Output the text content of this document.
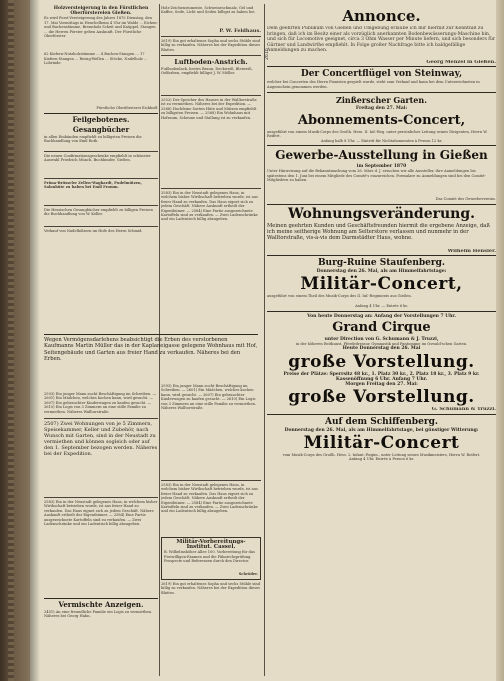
2616
Holzversteigerung in den Fürstlichen Oberförstereien Gießen.
Es wird Forst-Versteigerung des Jahres 1870 Dienstag, den 17. Mai Vormittags in Heuchelheim 4 Uhr im Walde ... Eichen- und Buchenstämme, Brennholz Scheit und Knüppel, Stangen ... die Herren Förster geben Auskunft. Der Fürstliche Oberförster.
62 Kiefern-Nutzholzstämme ... 4 Buchen-Stangen ... 17 Kiefern-Stangen ... Reisig-Wellen ... Stöcke, Nadelholz ... Lohrinde.
Fürstliche Oberförsterei Eickhoff.
Feilgebotenes.
Gesangbücher
in allen Einbänden empfiehlt zu billigsten Preisen die Buchhandlung von Emil Roth.
Die neuen Confirmationsgeschenke empfiehlt in schönster Auswahl Friedrich Münch, Buchbinder, Gießen.
Prima-Brüsseler Zellen-Waghardt, Pudelmützen, Salonhüte zu haben bei Emil Fromm.
Die Hessischen Gesangbücher empfiehlt zu billigen Preisen die Buchhandlung von W. Keller.
Verkauf von Nadelhölzern im Hofe des Herrn Schmid.
Wegen Vermögensdarlehens beabsichtigt die Erben des verstorbenen Kaufmanns Martin Müller das in der Kaplaneigasse gelegene Wohnhaus mit Hof, Seitengebäude und Garten aus freier Hand zu verkaufen. Näheres bei den Erben.
2593) Ein junger Mann sucht Beschäftigung im Schreiben. — 2601) Ein Mädchen, welches kochen kann, wird gesucht. — 2607) Ein gebrauchter Kinderwagen zu kaufen gesucht. — 2610) Ein Logis von 3 Zimmern an eine stille Familie zu vermiethen. Näheres Walltorstraße.
2507) Zwei Wohnungen von je 5 Zimmern, Speisekammer, Keller und Zubehör, nach Wunsch mit Garten, sind in der Neustadt zu vermiethen und können sogleich oder auf den 1. September bezogen werden. Näheres bei der Expedition.
2583) Ein in der Neustadt gelegenes Haus, in welchem bisher Wirthschaft betrieben wurde, ist aus freier Hand zu verkaufen. Das Haus eignet sich zu jedem Geschäft. Nähere Auskunft ertheilt der Eigenthümer. — 2584) Eine Partie ausgezeichnete Kartoffeln sind zu verkaufen. — Zwei Ladenschränke und ein Ladentisch billig abzugeben.
Vermischte Anzeigen.
2451) An eine freundliche Familie ein Logis zu vermiethen. Näheres bei Georg Hahn.
Holz-Zeichenstumente, Schweineschmalz, Gel und Kaffee, Seife, Licht und Seifen billigst zu haben bei
P. W. Feldhaus.
2619) Ein gut erhaltenes Sopha und sechs Stühle sind billig zu verkaufen. Näheres bei der Expedition dieses Blattes.
Luftboden-Anstrich.
Fußbodenlack, bestes Braun, Deckweiß, Bleiweiß, Oelfarben, empfiehlt billigst J. W. Möller.
2552) Der Speicher des Hauses in der Walltorstraße ist zu vermiethen. Näheres bei der Expedition. — 2566) Hochfeine Sorten Hüte und Mützen empfiehlt zu billigsten Preisen. — 2568) Ein Wohnhaus mit Hofraum, Scheune und Stallung ist zu verkaufen.
2583) Ein in der Neustadt gelegenes Haus, in welchem bisher Wirthschaft betrieben wurde, ist aus freier Hand zu verkaufen. Das Haus eignet sich zu jedem Geschäft. Nähere Auskunft ertheilt der Eigenthümer. — 2584) Eine Partie ausgezeichnete Kartoffeln sind zu verkaufen. — Zwei Ladenschränke und ein Ladentisch billig abzugeben.
2593) Ein junger Mann sucht Beschäftigung im Schreiben. — 2601) Ein Mädchen, welches kochen kann, wird gesucht. — 2607) Ein gebrauchter Kinderwagen zu kaufen gesucht. — 2610) Ein Logis von 3 Zimmern an eine stille Familie zu vermiethen. Näheres Walltorstraße.
2583) Ein in der Neustadt gelegenes Haus, in welchem bisher Wirthschaft betrieben wurde, ist aus freier Hand zu verkaufen. Das Haus eignet sich zu jedem Geschäft. Nähere Auskunft ertheilt der Eigenthümer. — 2584) Eine Partie ausgezeichnete Kartoffeln sind zu verkaufen. — Zwei Ladenschränke und ein Ladentisch billig abzugeben.
Militär-Vorbereitungs-Institut. Cassel.
B. Wilhelmshöher Allee 100. Vorbereitung für das Freiwilligen-Examen und die Fähnrichsprüfung. Prospecte und Referenzen durch den Director.
Schröder.
2619) Ein gut erhaltenes Sopha und sechs Stühle sind billig zu verkaufen. Näheres bei der Expedition dieses Blattes.
Annonce.
Dem geehrten Publikum von Gießen und Umgebung erlaube ich mir hiermit zur Kenntniß zu bringen, daß ich im Besitz einer als vorzüglich anerkannten Bodenbewässerungs-Maschine bin, und sich für Locomotive geeignet, circa 3 Ohm Wasser per Minute liefern, und sich besonders für Gärtner und Landwirthe empfiehlt. In Folge großer Nachfrage bitte ich baldgefällige Anmeldungen zu machen.
Georg Menzel in Gießen.
Der Concertflügel von Steinway,
welcher bei Concerten des Herrn Pianisten gespielt wurde, steht zum Verkauf und kann bei dem Unterzeichneten in Augenschein genommen werden.
Zinßerscher Garten.
Freitag den 27. Mai:
Abonnements-Concert,
ausgeführt von einem Musik-Corps des Großh. Hess. II. Inf.-Reg. unter persönlicher Leitung seines Dirigenten, Herrn W. Reifert.
Anfang halb 8 Uhr. — Eintritt für Nichtabonnenten à Person 12 kr.
Gewerbe-Ausstellung in Gießen
im September 1870
Unter Hinweisung auf die Bekanntmachung vom 26. März d. J. ersuchen wir alle Aussteller, ihre Anmeldungen bis spätestens den 1. Juni bei einem Mitgliede des Comité's einzureichen. Formulare zu Anmeldungen sind bei den Comité-Mitgliedern zu haben.
Das Comité des Gewerbevereins.
Wohnungsveränderung.
Meinen geehrten Kunden und Geschäftsfreunden hiermit die ergebene Anzeige, daß ich meine seitherige Wohnung am Selterstore verlassen und nunmehr in der Walltorstraße, vis-à-vis dem Darmstädter Haus, wohne.
Wilhelm Hensler.
Burg-Ruine Staufenberg.
Donnerstag den 26. Mai, als am Himmelfahrtstage:
Militär-Concert,
ausgeführt von einem Theil des Musik-Corps des II. Inf.-Regiments aus Gießen.
Anfang 4 Uhr. — Entrée 6 kr.
Von heute Donnerstag an: Anfang der Vorstellungen 7 Uhr.
Grand Cirque
unter Direction von G. Schumann & J. Truzzi,
in der höheren Reitkunst, Pferdedressur, Gymnastik und Pantomime im Oswald'schen Garten.
Heute Donnerstag den 26. Mai
große Vorstellung.
Preise der Plätze: Sperrsitz 48 kr., 1. Platz 30 kr., 2. Platz 18 kr., 3. Platz 9 kr.
Kassenöffnung 6 Uhr. Anfang 7 Uhr.
Morgen Freitag den 27. Mai:
große Vorstellung.
G. Schumann & Truzzi.
Auf dem Schiffenberg.
Donnerstag den 26. Mai, als am Himmelfahrtstage, bei günstiger Witterung:
Militär-Concert
vom Musik-Corps des Großh. Hess. 2. Infant.-Regim., unter Leitung seines Musikmeisters, Herrn W. Reifert.
Anfang 4 Uhr. Entrée à Person 6 kr.
